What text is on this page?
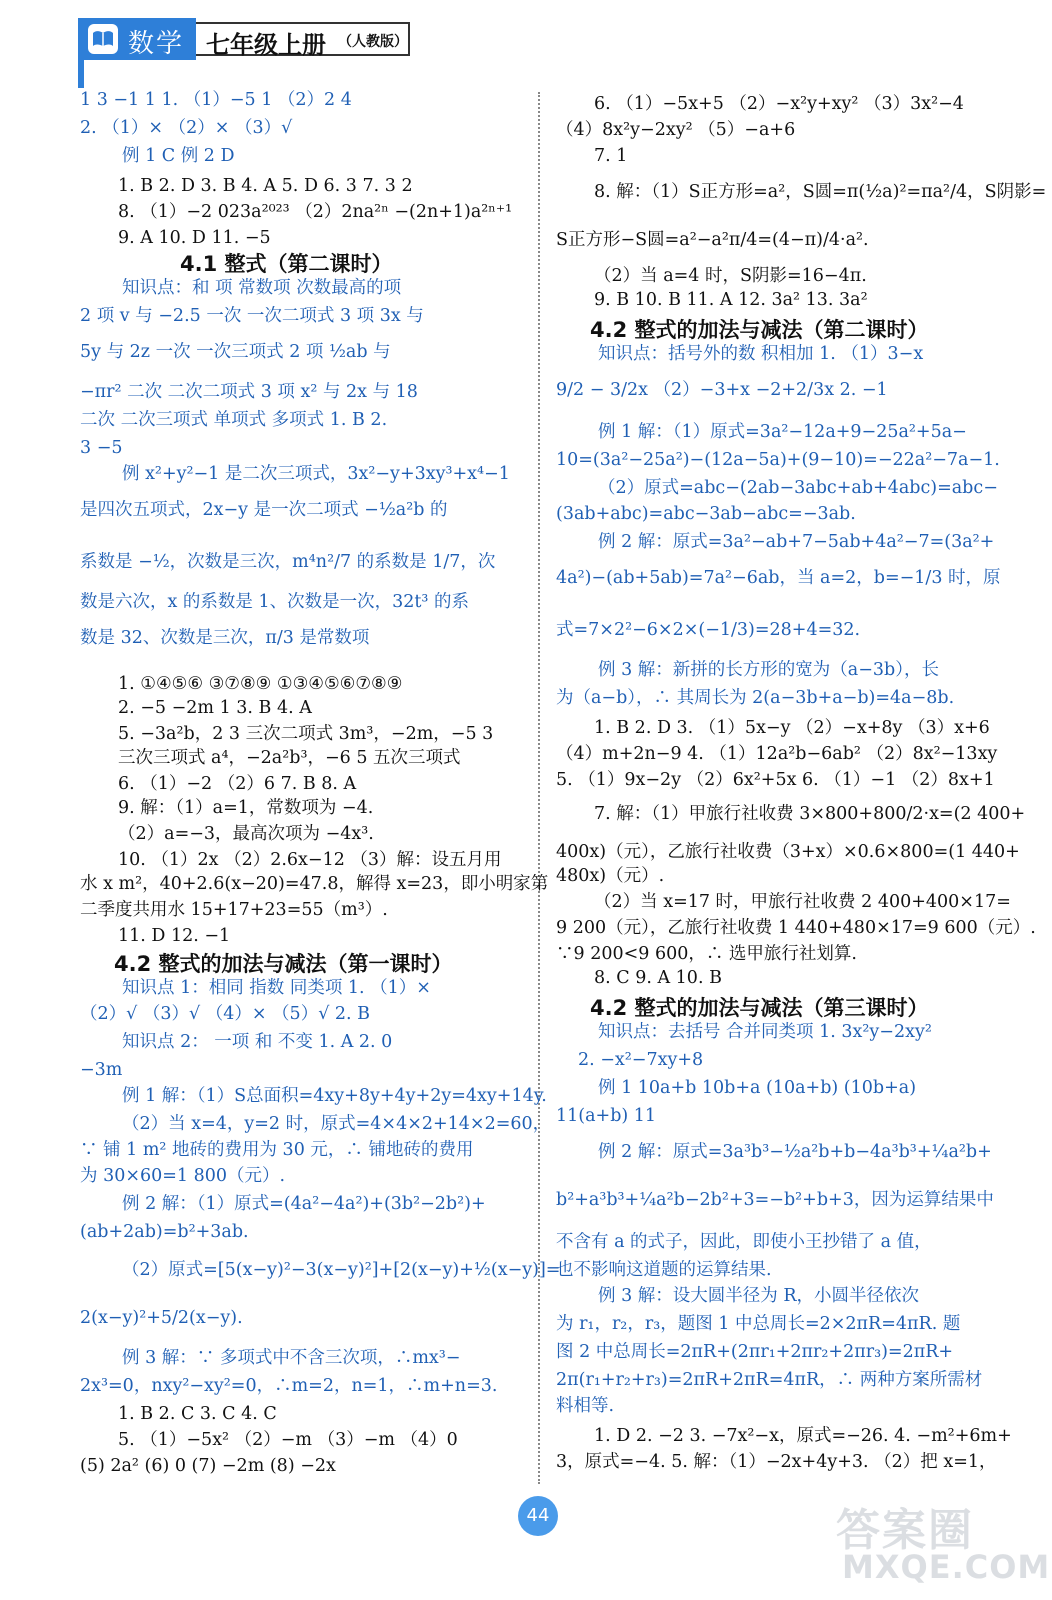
数学 七年级上册 （人教版）
1 3 −1 1 1. （1）−5 1 （2）2 4
2. （1）× （2）× （3）√
例 1 C 例 2 D
1. B 2. D 3. B 4. A 5. D 6. 3 7. 3 2
8. （1）−2 023a²⁰²³ （2）2na²ⁿ −(2n+1)a²ⁿ⁺¹
9. A 10. D 11. −5
4.1 整式（第二课时）
知识点：和 项 常数项 次数最高的项
2 项 v 与 −2.5 一次 一次二项式 3 项 3x 与
5y 与 2z 一次 一次三项式 2 项 ½ab 与
−πr² 二次 二次二项式 3 项 x² 与 2x 与 18
二次 二次三项式 单项式 多项式 1. B 2.
3 −5
例 x²+y²−1 是二次三项式，3x²−y+3xy³+x⁴−1
是四次五项式，2x−y 是一次二项式 −½a²b 的
系数是 −½，次数是三次，m⁴n²/7 的系数是 1/7，次
数是六次，x 的系数是 1、次数是一次，32t³ 的系
数是 32、次数是三次，π/3 是常数项
1. ①④⑤⑥ ③⑦⑧⑨ ①③④⑤⑥⑦⑧⑨
2. −5 −2m 1 3. B 4. A
5. −3a²b，2 3 三次二项式 3m³，−2m，−5 3
三次三项式 a⁴，−2a²b³，−6 5 五次三项式
6. （1）−2 （2）6 7. B 8. A
9. 解：（1）a=1，常数项为 −4.
（2）a=−3，最高次项为 −4x³.
10. （1）2x （2）2.6x−12 （3）解：设五月用
水 x m²，40+2.6(x−20)=47.8，解得 x=23，即小明家第
二季度共用水 15+17+23=55（m³）.
11. D 12. −1
4.2 整式的加法与减法（第一课时）
知识点 1：相同 指数 同类项 1. （1）×
（2）√ （3）√ （4）× （5）√ 2. B
知识点 2： 一项 和 不变 1. A 2. 0
−3m
例 1 解：（1）S总面积=4xy+8y+4y+2y=4xy+14y.
（2）当 x=4，y=2 时，原式=4×4×2+14×2=60，
∵ 铺 1 m² 地砖的费用为 30 元，∴ 铺地砖的费用
为 30×60=1 800（元）.
例 2 解：（1）原式=(4a²−4a²)+(3b²−2b²)+
(ab+2ab)=b²+3ab.
（2）原式=[5(x−y)²−3(x−y)²]+[2(x−y)+½(x−y)]=
2(x−y)²+5/2(x−y).
例 3 解：∵ 多项式中不含三次项，∴mx³−
2x³=0，nxy²−xy²=0，∴m=2，n=1，∴m+n=3.
1. B 2. C 3. C 4. C
5. （1）−5x² （2）−m （3）−m （4）0
(5) 2a² (6) 0 (7) −2m (8) −2x
6. （1）−5x+5 （2）−x²y+xy² （3）3x²−4
（4）8x²y−2xy² （5）−a+6
7. 1
8. 解：（1）S正方形=a²，S圆=π(½a)²=πa²/4，S阴影=
S正方形−S圆=a²−a²π/4=(4−π)/4·a².
（2）当 a=4 时，S阴影=16−4π.
9. B 10. B 11. A 12. 3a² 13. 3a²
4.2 整式的加法与减法（第二课时）
知识点：括号外的数 积相加 1. （1）3−x
9/2 − 3/2x （2）−3+x −2+2/3x 2. −1
例 1 解：（1）原式=3a²−12a+9−25a²+5a−
10=(3a²−25a²)−(12a−5a)+(9−10)=−22a²−7a−1.
（2）原式=abc−(2ab−3abc+ab+4abc)=abc−
(3ab+abc)=abc−3ab−abc=−3ab.
例 2 解：原式=3a²−ab+7−5ab+4a²−7=(3a²+
4a²)−(ab+5ab)=7a²−6ab，当 a=2，b=−1/3 时，原
式=7×2²−6×2×(−1/3)=28+4=32.
例 3 解：新拼的长方形的宽为（a−3b），长
为（a−b），∴ 其周长为 2(a−3b+a−b)=4a−8b.
1. B 2. D 3. （1）5x−y （2）−x+8y （3）x+6
（4）m+2n−9 4. （1）12a²b−6ab² （2）8x²−13xy
5. （1）9x−2y （2）6x²+5x 6. （1）−1 （2）8x+1
7. 解：（1）甲旅行社收费 3×800+800/2·x=(2 400+
400x)（元），乙旅行社收费（3+x）×0.6×800=(1 440+
480x)（元）.
（2）当 x=17 时，甲旅行社收费 2 400+400×17=
9 200（元），乙旅行社收费 1 440+480×17=9 600（元）.
∵9 200<9 600，∴ 选甲旅行社划算.
8. C 9. A 10. B
4.2 整式的加法与减法（第三课时）
知识点：去括号 合并同类项 1. 3x²y−2xy²
2. −x²−7xy+8
例 1 10a+b 10b+a (10a+b) (10b+a)
11(a+b) 11
例 2 解：原式=3a³b³−½a²b+b−4a³b³+¼a²b+
b²+a³b³+¼a²b−2b²+3=−b²+b+3，因为运算结果中
不含有 a 的式子，因此，即使小王抄错了 a 值，
也不影响这道题的运算结果.
例 3 解：设大圆半径为 R，小圆半径依次
为 r₁，r₂，r₃，题图 1 中总周长=2×2πR=4πR. 题
图 2 中总周长=2πR+(2πr₁+2πr₂+2πr₃)=2πR+
2π(r₁+r₂+r₃)=2πR+2πR=4πR，∴ 两种方案所需材
料相等.
1. D 2. −2 3. −7x²−x，原式=−26. 4. −m²+6m+
3，原式=−4. 5. 解：（1）−2x+4y+3. （2）把 x=1，
44	答案圈
MXQE.COM
